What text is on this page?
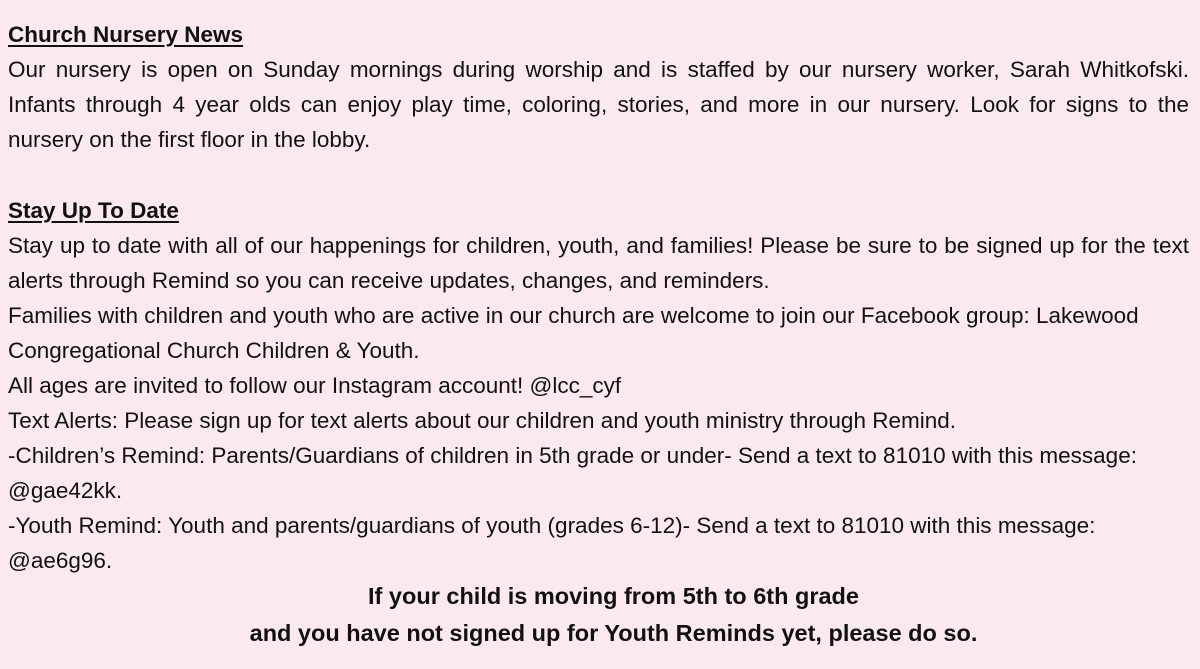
Church Nursery News

Our nursery is open on Sunday mornings during worship and is staffed by our nursery worker, Sarah Whitkofski. Infants through 4 year olds can enjoy play time, coloring, stories, and more in our nursery. Look for signs to the nursery on the first floor in the lobby.

Stay Up To Date

Stay up to date with all of our happenings for children, youth, and families! Please be sure to be signed up for the text alerts through Remind so you can receive updates, changes, and reminders.

Families with children and youth who are active in our church are welcome to join our Facebook group: Lakewood Congregational Church Children & Youth.

All ages are invited to follow our Instagram account! @lcc_cyf

Text Alerts: Please sign up for text alerts about our children and youth ministry through Remind.

-Children’s Remind: Parents/Guardians of children in 5th grade or under- Send a text to 81010 with this message: @gae42kk.

-Youth Remind: Youth and parents/guardians of youth (grades 6-12)- Send a text to 81010 with this message: @ae6g96.

If your child is moving from 5th to 6th grade

and you have not signed up for Youth Reminds yet, please do so.
